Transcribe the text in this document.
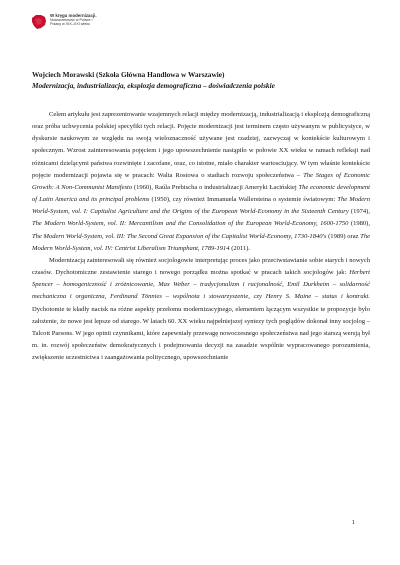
W kręgu modernizacji.
Nowoczesność w Polsce i
Polacy w XIX–XXI wieku

Wojciech Morawski (Szkoła Główna Handlowa w Warszawie)

Modernizacja, industrializacja, eksplozja demograficzna – doświadczenia polskie

Celem artykułu jest zaprezentowanie wzajemnych relacji między modernizacją, industrializacją i eksplozją demograficzną oraz próba uchwycenia polskiej specyfiki tych relacji. Pojęcie modernizacji jest terminem często używanym w publicystyce, w dyskursie naukowym ze względu na swoją wieloznaczność używane jest rzadziej, zazwyczaj w kontekście kulturowym i społecznym. Wzrost zainteresowania pojęciem i jego upowszechnienie nastąpiło w połowie XX wieku w ramach refleksji nad różnicami dzielącymi państwa rozwinięte i zacofane, oraz, co istotne, miało charakter wartosciujący. W tym właśnie kontekście pojęcie modernizacji pojawia się w pracach: Walta Rostowa o stadiach rozwoju społeczeństwa – The Stages of Economic Growth: A Non-Communist Manifesto (1960), Raúla Prebischa o industrializacji Ameryki Łacińskiej The economic development of Latin America and its principal problems (1950), czy również Immanuela Wallersteina o systemie światowym: The Modern World-System, vol. I: Capitalist Agriculture and the Origins of the European World-Economy in the Sixteenth Century (1974), The Modern World-System, vol. II: Mercantilism and the Consolidation of the European World-Economy, 1600-1750 (1980), The Modern World-System, vol. III: The Second Great Expansion of the Capitalist World-Economy, 1730-1840's (1989) oraz The Modern World-System, vol. IV: Centrist Liberalism Triumphant, 1789-1914 (2011).

Modernizacją zainteresowali się również socjologowie interpretując proces jako przeciwstawianie sobie starych i nowych czasów. Dychotomiczne zestawienie starego i nowego porządku można spotkać w pracach takich socjologów jak: Herbert Spencer – homogeniczność i zróżnicowanie, Max Weber – tradycjonalizm i racjonalność, Emil Durkheim – solidarność mechaniczna i organiczna, Ferdinand Tönnies – wspólnota i stowarzyszenie, czy Henry S. Maine – status i kontrakt. Dychotomie te kładły nacisk na różne aspekty przełomu modernizacyjnego, elementem łączącym wszystkie te propozycje było założenie, że nowe jest lepsze od starego. W latach 60. XX wieku najpełniejszej syntezy tych poglądów dokonał inny socjolog – Talcott Parsons. W jego opinii czynnikami, które zapewniały przewagę nowoczesnego społeczeństwa nad jego starszą wersją był m. in. rozwój społeczeństw demokratycznych i podejmowania decyzji na zasadzie wspólnie wypracowanego porozumienia, zwiększenie uczestnictwa i zaangażowania politycznego, upowszechnianie

1
